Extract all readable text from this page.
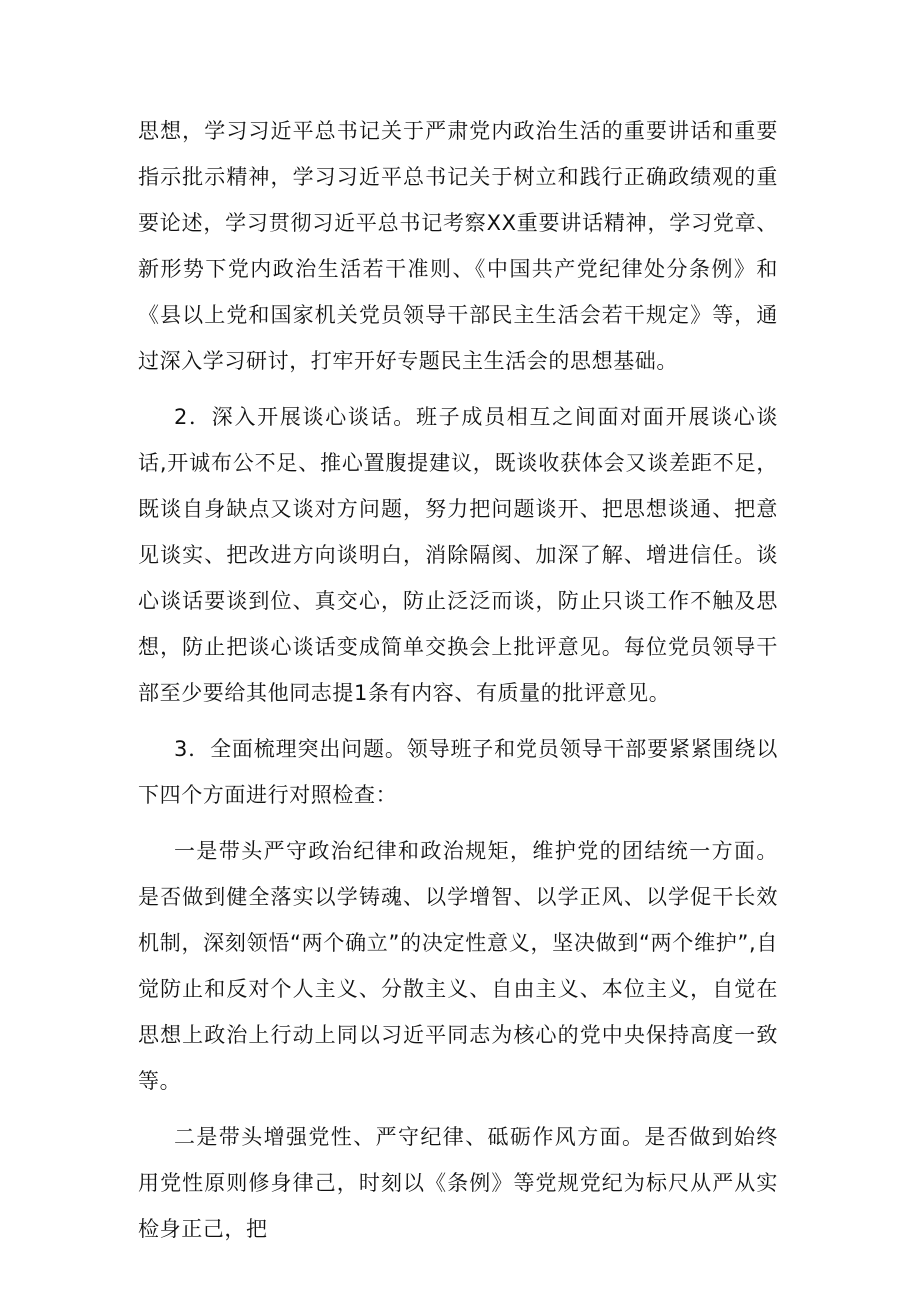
思想，学习习近平总书记关于严肃党内政治生活的重要讲话和重要指示批示精神，学习习近平总书记关于树立和践行正确政绩观的重要论述，学习贯彻习近平总书记考察XX重要讲话精神，学习党章、新形势下党内政治生活若干准则、《中国共产党纪律处分条例》和《县以上党和国家机关党员领导干部民主生活会若干规定》等，通过深入学习研讨，打牢开好专题民主生活会的思想基础。

2．深入开展谈心谈话。班子成员相互之间面对面开展谈心谈话,开诚布公不足、推心置腹提建议，既谈收获体会又谈差距不足，既谈自身缺点又谈对方问题，努力把问题谈开、把思想谈通、把意见谈实、把改进方向谈明白，消除隔阂、加深了解、增进信任。谈心谈话要谈到位、真交心，防止泛泛而谈，防止只谈工作不触及思想，防止把谈心谈话变成简单交换会上批评意见。每位党员领导干部至少要给其他同志提1条有内容、有质量的批评意见。

3．全面梳理突出问题。领导班子和党员领导干部要紧紧围绕以下四个方面进行对照检查：

一是带头严守政治纪律和政治规矩，维护党的团结统一方面。是否做到健全落实以学铸魂、以学增智、以学正风、以学促干长效机制，深刻领悟“两个确立”的决定性意义，坚决做到“两个维护”,自觉防止和反对个人主义、分散主义、自由主义、本位主义，自觉在思想上政治上行动上同以习近平同志为核心的党中央保持高度一致等。

二是带头增强党性、严守纪律、砥砺作风方面。是否做到始终用党性原则修身律己，时刻以《条例》等党规党纪为标尺从严从实检身正己，把
